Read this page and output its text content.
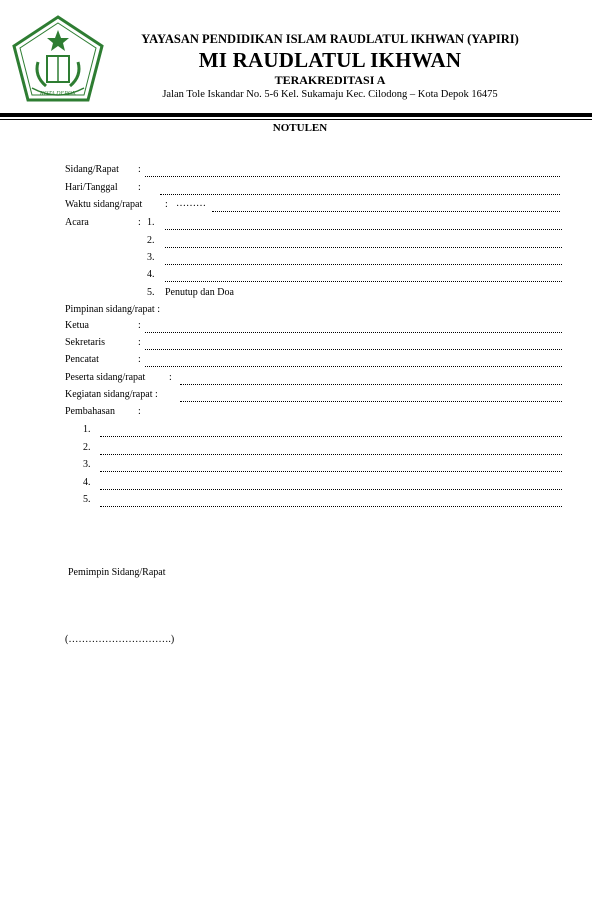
KOTA DEPOK
YAYASAN PENDIDIKAN ISLAM RAUDLATUL IKHWAN (YAPIRI)
MI RAUDLATUL IKHWAN
TERAKREDITASI A
Jalan Tole Iskandar No. 5-6 Kel. Sukamaju Kec. Cilodong – Kota Depok 16475
NOTULEN
Sidang/Rapat :
Hari/Tanggal :
Waktu sidang/rapat : ………
Acara	: 1.
2.
3.
4.
5. Penutup dan Doa
Pimpinan sidang/rapat :
Ketua	:
Sekretaris	:
Pencatat	:
Peserta sidang/rapat :
Kegiatan sidang/rapat :
Pembahasan :
1.
2.
3.
4.
5.
Pemimpin Sidang/Rapat
(………………………….)
